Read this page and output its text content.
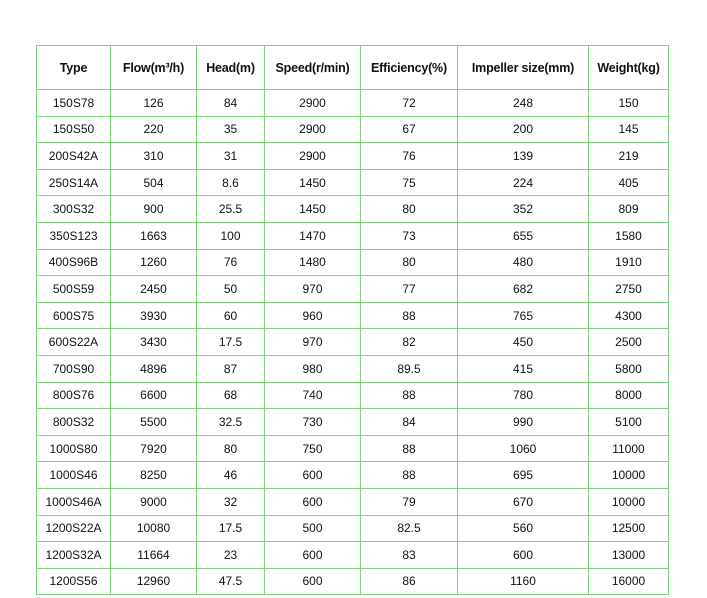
Type	Flow(m³/h)	Head(m)	Speed(r/min)	Efficiency(%)	Impeller size(mm)	Weight(kg)
150S78	126	84	2900	72	248	150
150S50	220	35	2900	67	200	145
200S42A	310	31	2900	76	139	219
250S14A	504	8.6	1450	75	224	405
300S32	900	25.5	1450	80	352	809
350S123	1663	100	1470	73	655	1580
400S96B	1260	76	1480	80	480	1910
500S59	2450	50	970	77	682	2750
600S75	3930	60	960	88	765	4300
600S22A	3430	17.5	970	82	450	2500
700S90	4896	87	980	89.5	415	5800
800S76	6600	68	740	88	780	8000
800S32	5500	32.5	730	84	990	5100
1000S80	7920	80	750	88	1060	11000
1000S46	8250	46	600	88	695	10000
1000S46A	9000	32	600	79	670	10000
1200S22A	10080	17.5	500	82.5	560	12500
1200S32A	11664	23	600	83	600	13000
1200S56	12960	47.5	600	86	1160	16000
